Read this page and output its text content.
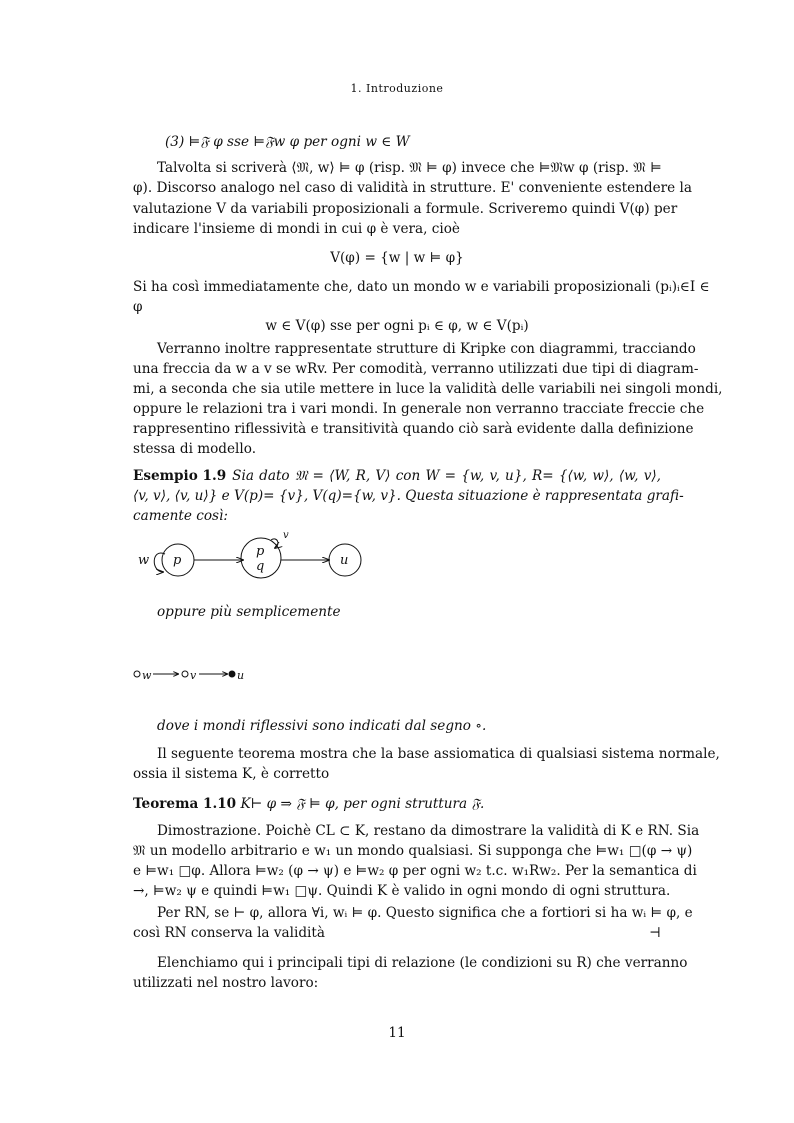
1. Introduzione
(3) ⊨𝔉 φ sse ⊨𝔉w φ per ogni w ∈ W
Talvolta si scriverà ⟨𝔐, w⟩ ⊨ φ (risp. 𝔐 ⊨ φ) invece che ⊨𝔐w φ (risp. 𝔐 ⊨
φ). Discorso analogo nel caso di validità in strutture. E' conveniente estendere la
valutazione V da variabili proposizionali a formule. Scriveremo quindi V(φ) per
indicare l'insieme di mondi in cui φ è vera, cioè
V(φ) = {w | w ⊨ φ}
Si ha così immediatamente che, dato un mondo w e variabili proposizionali (pᵢ)ᵢ∈I ∈
φ
w ∈ V(φ) sse per ogni pᵢ ∈ φ, w ∈ V(pᵢ)
Verranno inoltre rappresentate strutture di Kripke con diagrammi, tracciando
una freccia da w a v se wRv. Per comodità, verranno utilizzati due tipi di diagram-
mi, a seconda che sia utile mettere in luce la validità delle variabili nei singoli mondi,
oppure le relazioni tra i vari mondi. In generale non verranno tracciate freccie che
rappresentino riflessività e transitività quando ciò sarà evidente dalla definizione
stessa di modello.
Esempio 1.9 Sia dato 𝔐 = ⟨W, R, V⟩ con W = {w, v, u}, R= {⟨w, w⟩, ⟨w, v⟩,
⟨v, v⟩, ⟨v, u⟩} e V(p)= {v}, V(q)={w, v}. Questa situazione è rappresentata grafi-
camente così:
w p
p
q
v
u
oppure più semplicemente
w	v	u
dove i mondi riflessivi sono indicati dal segno ∘.
Il seguente teorema mostra che la base assiomatica di qualsiasi sistema normale,
ossia il sistema K, è corretto
Teorema 1.10 K⊢ φ ⇒ 𝔉 ⊨ φ, per ogni struttura 𝔉.
Dimostrazione. Poichè CL ⊂ K, restano da dimostrare la validità di K e RN. Sia
𝔐 un modello arbitrario e w₁ un mondo qualsiasi. Si supponga che ⊨w₁ □(φ → ψ)
e ⊨w₁ □φ. Allora ⊨w₂ (φ → ψ) e ⊨w₂ φ per ogni w₂ t.c. w₁Rw₂. Per la semantica di
→, ⊨w₂ ψ e quindi ⊨w₁ □ψ. Quindi K è valido in ogni mondo di ogni struttura.
Per RN, se ⊢ φ, allora ∀i, wᵢ ⊨ φ. Questo significa che a fortiori si ha wᵢ ⊨ φ, e
così RN conserva la validità	⊣
Elenchiamo qui i principali tipi di relazione (le condizioni su R) che verranno
utilizzati nel nostro lavoro:
11
